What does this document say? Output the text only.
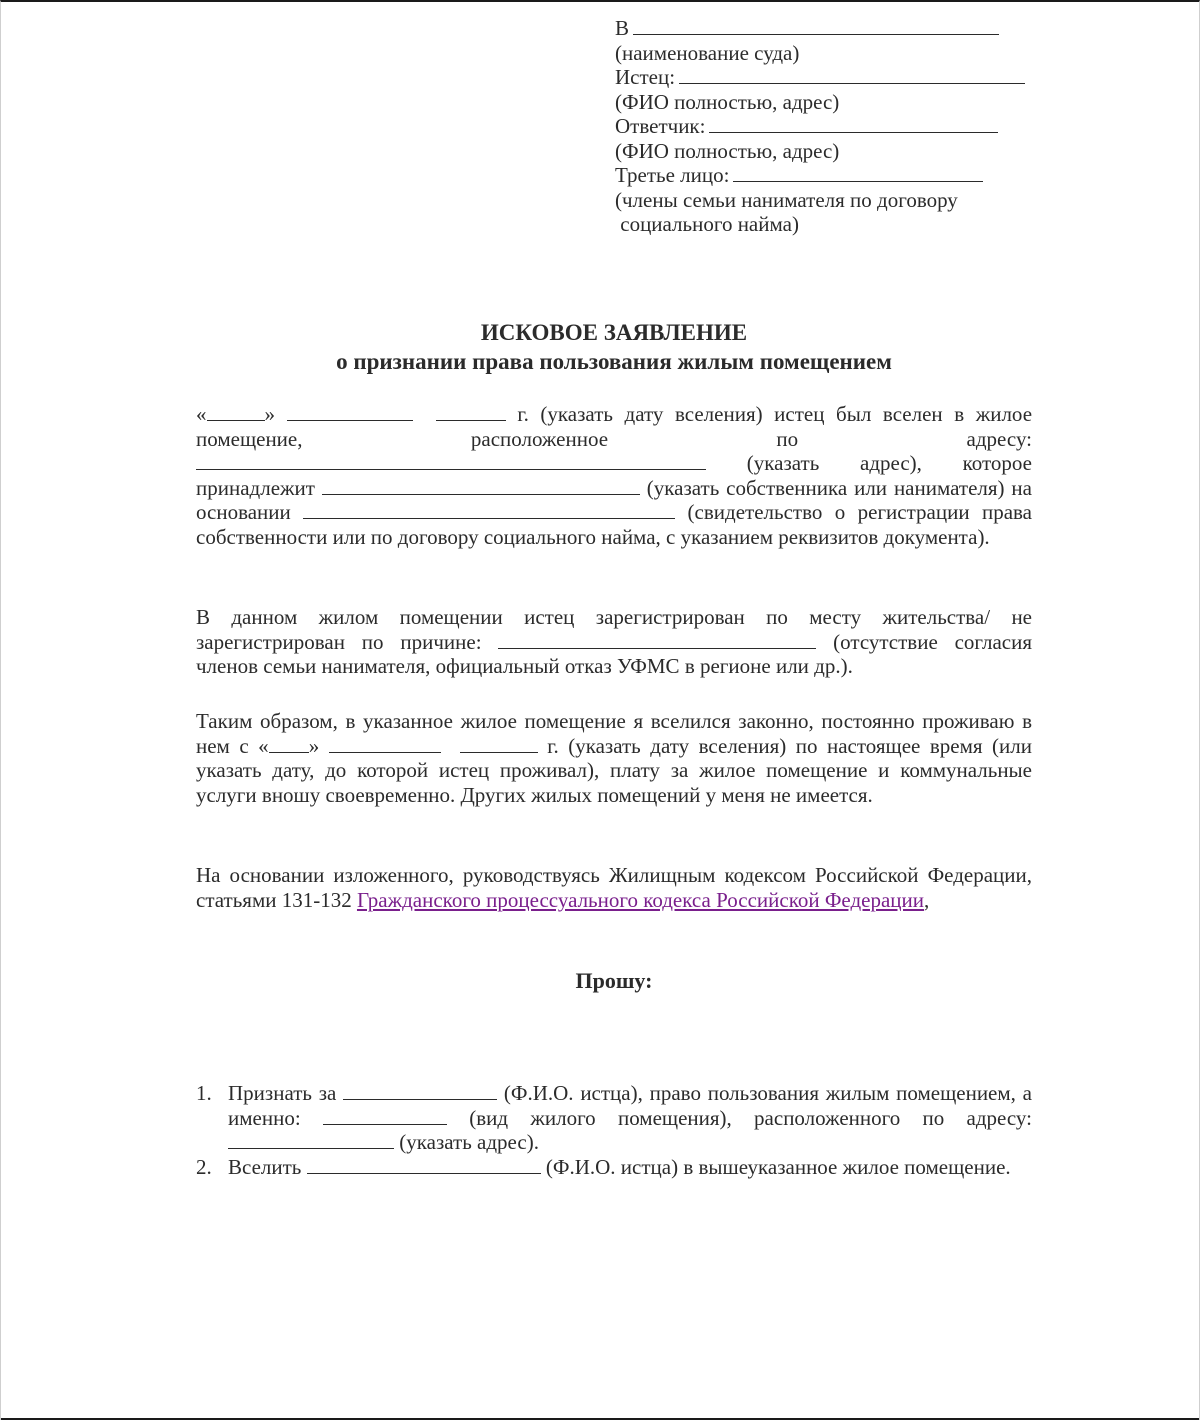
В
(наименование суда)
Истец:
(ФИО полностью, адрес)
Ответчик:
(ФИО полностью, адрес)
Третье лицо:
(члены семьи нанимателя по договору
социального найма)
ИСКОВОЕ ЗАЯВЛЕНИЕ
о признании права пользования жилым помещением
«	»	г. (указать дату вселения) истец был вселен в жилое помещение, расположенное по адресу:  (указать адрес), которое принадлежит	(указать собственника или нанимателя) на основании	(свидетельство о регистрации права собственности или по договору социального найма, с указанием реквизитов документа).
В данном жилом помещении истец зарегистрирован по месту жительства/ не зарегистрирован по причине:	(отсутствие согласия членов семьи нанимателя, официальный отказ УФМС в регионе или др.).
Таким образом, в указанное жилое помещение я вселился законно, постоянно проживаю в нем с « »	г. (указать дату вселения) по настоящее время (или указать дату, до которой истец проживал), плату за жилое помещение и коммунальные услуги вношу своевременно. Других жилых помещений у меня не имеется.
На основании изложенного, руководствуясь Жилищным кодексом Российской Федерации, статьями 131-132 Гражданского процессуального кодекса Российской Федерации,
Прошу:
1. Признать за	(Ф.И.О. истца), право пользования жилым помещением, а именно:	(вид жилого помещения), расположенного по адресу:  (указать адрес).
2. Вселить	(Ф.И.О. истца) в вышеуказанное жилое помещение.
